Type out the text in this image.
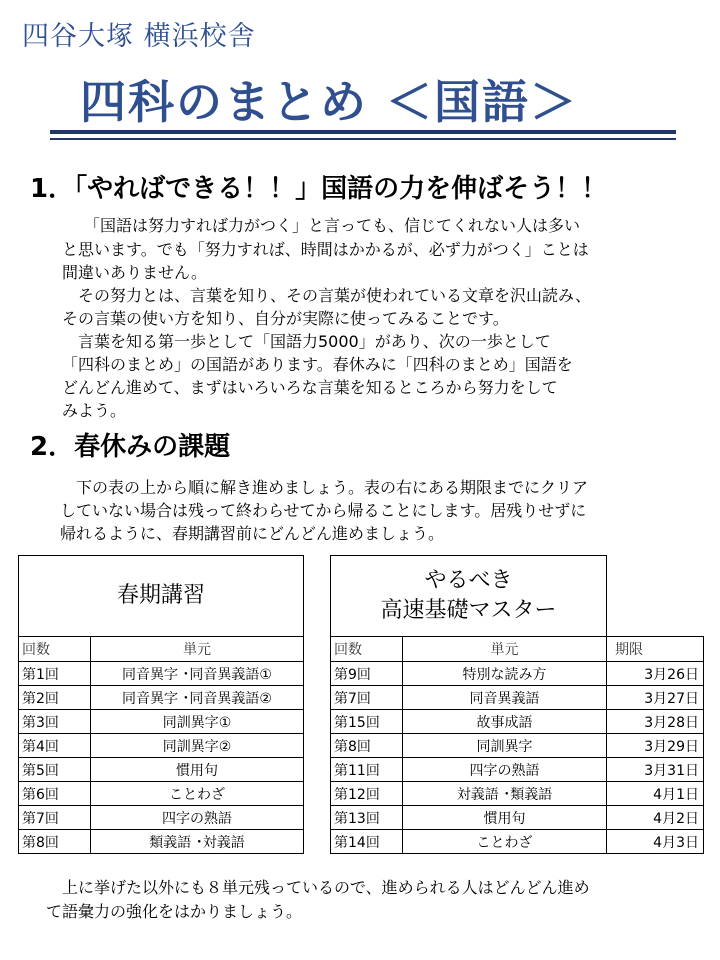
四谷大塚 横浜校舎
四科のまとめ ＜国語＞
1．「やればできる！！」国語の力を伸ばそう！！
「国語は努力すれば力がつく」と言っても、信じてくれない人は多い
と思います。でも「努力すれば、時間はかかるが、必ず力がつく」ことは
間違いありません。
　その努力とは、言葉を知り、その言葉が使われている文章を沢山読み、
その言葉の使い方を知り、自分が実際に使ってみることです。
　言葉を知る第一歩として「国語力5000」があり、次の一歩として
「四科のまとめ」の国語があります。春休みに「四科のまとめ」国語を
どんどん進めて、まずはいろいろな言葉を知るところから努力をして
みよう。
2．春休みの課題
　下の表の上から順に解き進めましょう。表の右にある期限までにクリア
していない場合は残って終わらせてから帰ることにします。居残りせずに
帰れるように、春期講習前にどんどん進めましょう。
春期講習	
回数	単元
第1回	同音異字 ･同音異義語①
第2回	同音異字 ･同音異義語②
第3回	同訓異字①
第4回	同訓異字②
第5回	慣用句
第6回	ことわざ
第7回	四字の熟語
第8回	類義語 ･対義語
やるべき
高速基礎マスター		

回数	単元	期限
第9回	特別な読み方	3月26日
第7回	同音異義語	3月27日
第15回	故事成語	3月28日
第8回	同訓異字	3月29日
第11回	四字の熟語	3月31日
第12回	対義語 ･類義語	4月1日
第13回	慣用句	4月2日
第14回	ことわざ	4月3日
　上に挙げた以外にも８単元残っているので、進められる人はどんどん進め
て語彙力の強化をはかりましょう。
